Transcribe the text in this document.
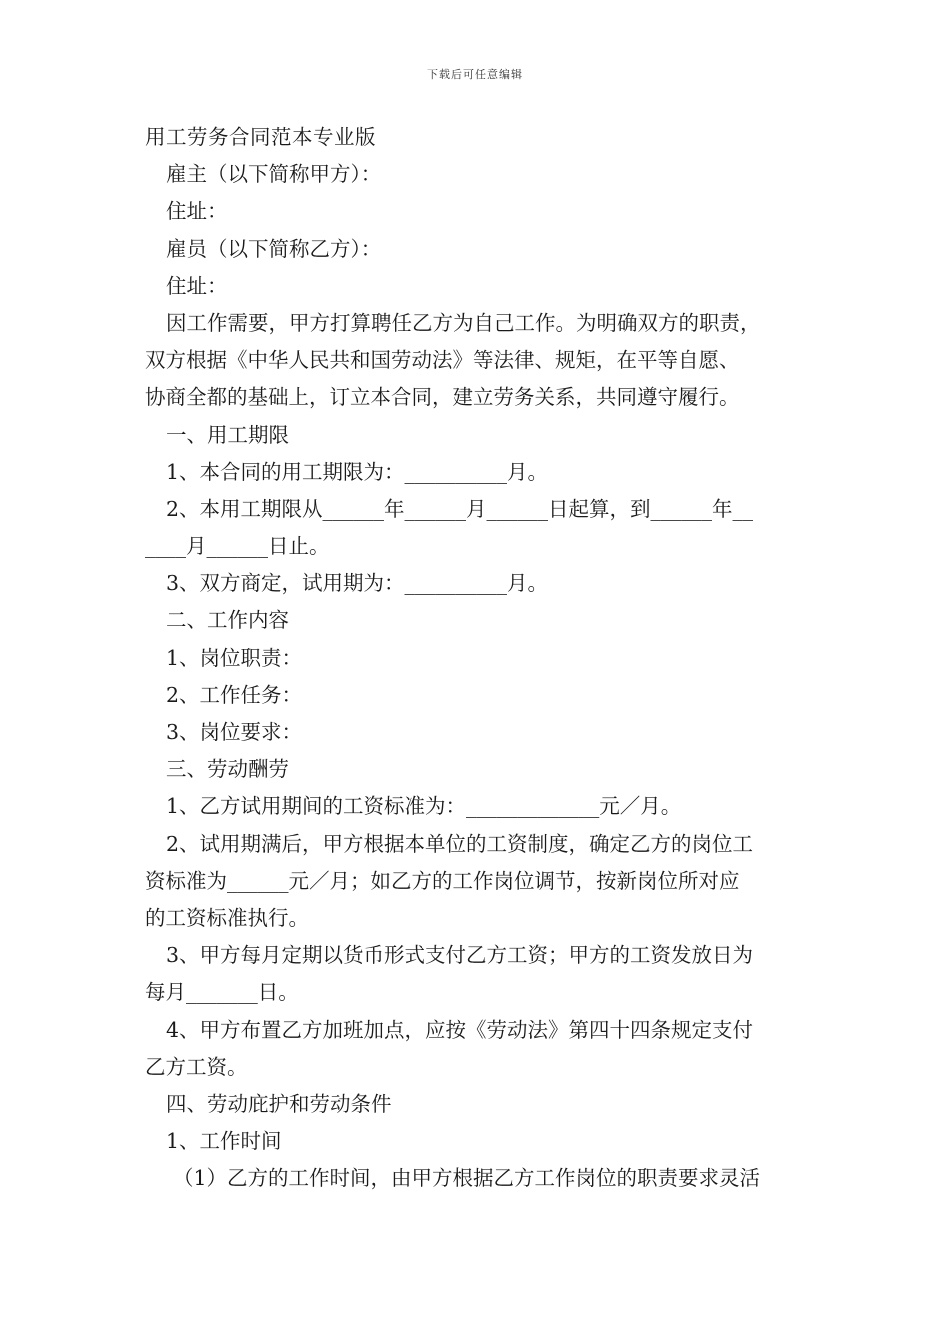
下载后可任意编辑
用工劳务合同范本专业版
雇主（以下简称甲方）：
住址：
雇员（以下简称乙方）：
住址：
因工作需要，甲方打算聘任乙方为自己工作。为明确双方的职责，
双方根据《中华人民共和国劳动法》等法律、规矩，在平等自愿、
协商全都的基础上，订立本合同，建立劳务关系，共同遵守履行。
一、用工期限
1、本合同的用工期限为：__________月。
2、本用工期限从______年______月______日起算，到______年__
____月______日止。
3、双方商定，试用期为：__________月。
二、工作内容
1、岗位职责：
2、工作任务：
3、岗位要求：
三、劳动酬劳
1、乙方试用期间的工资标准为：_____________元／月。
2、试用期满后，甲方根据本单位的工资制度，确定乙方的岗位工
资标准为______元／月；如乙方的工作岗位调节，按新岗位所对应
的工资标准执行。
3、甲方每月定期以货币形式支付乙方工资；甲方的工资发放日为
每月_______日。
4、甲方布置乙方加班加点，应按《劳动法》第四十四条规定支付
乙方工资。
四、劳动庇护和劳动条件
1、工作时间
（1）乙方的工作时间，由甲方根据乙方工作岗位的职责要求灵活
